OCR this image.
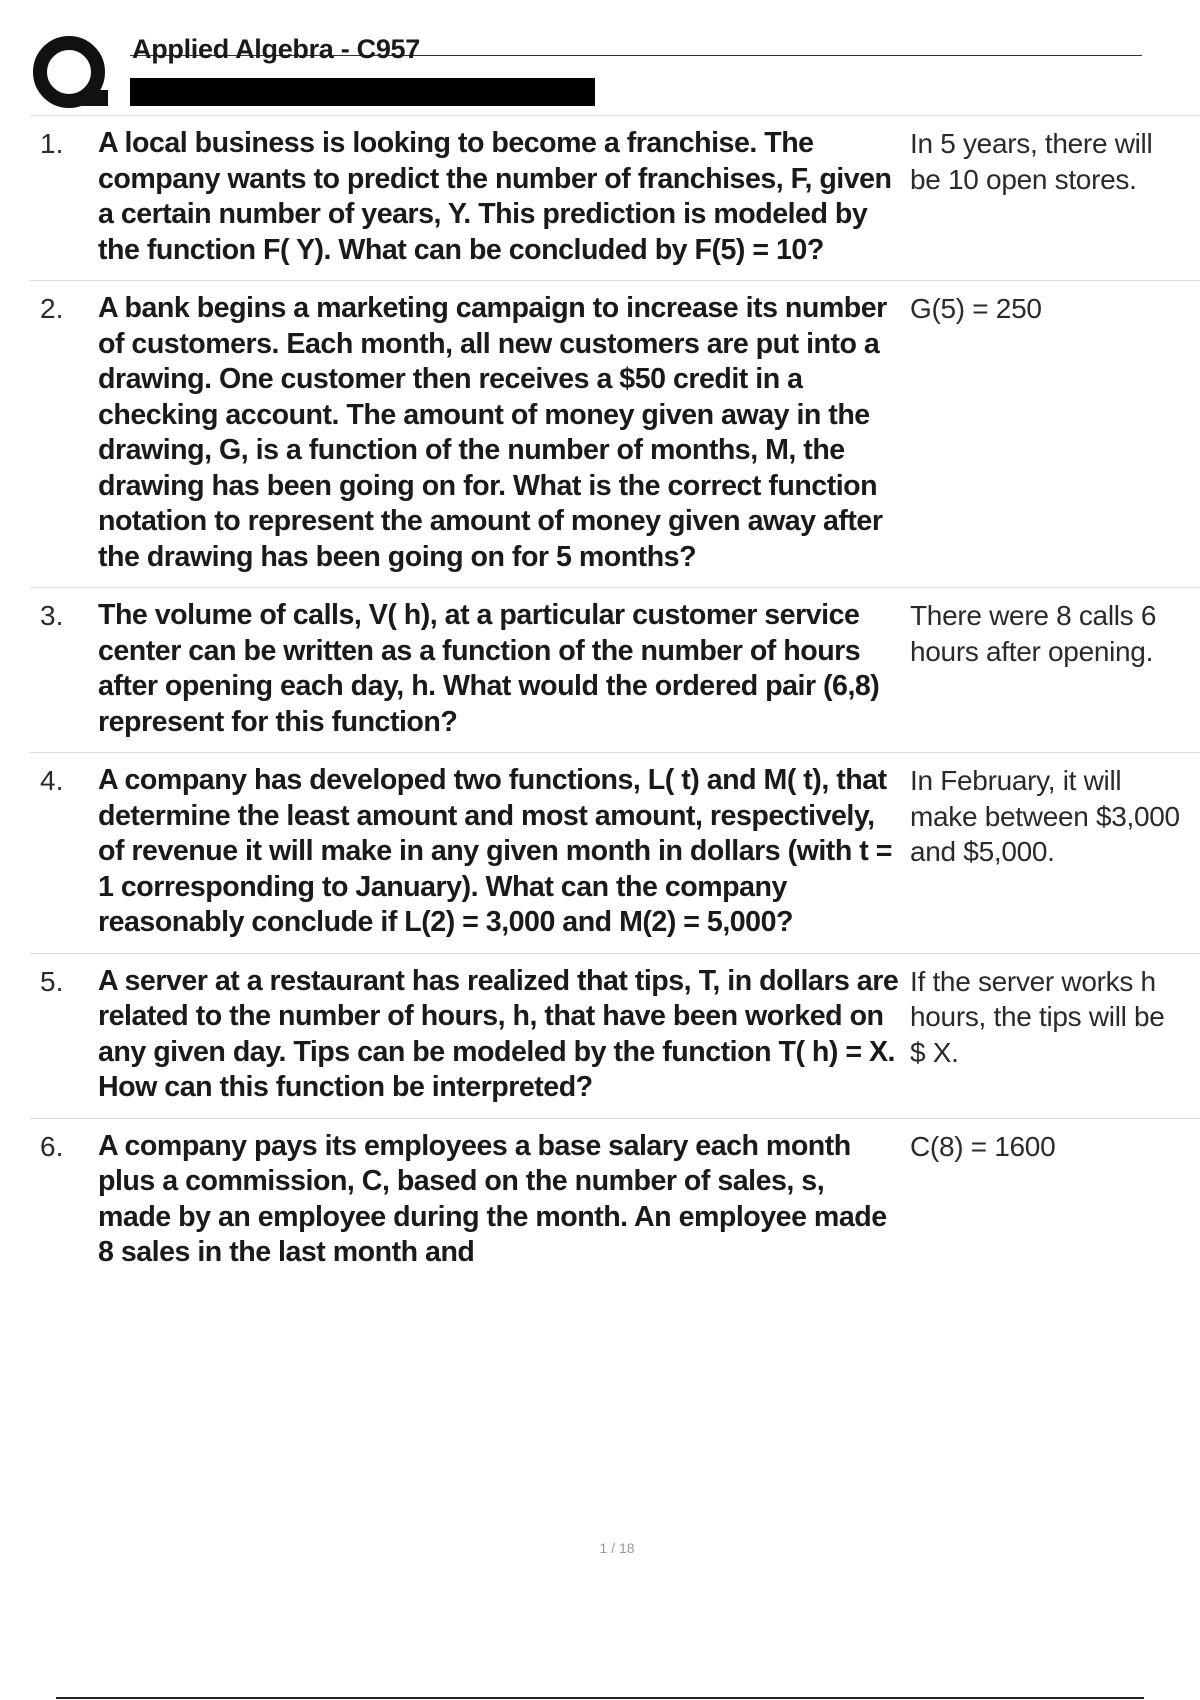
Applied Algebra - C957
1.	A local business is looking to become a franchise. The company wants to predict the number of franchises, F, given a certain number of years, Y. This prediction is modeled by the function F( Y). What can be concluded by F(5) = 10?
In 5 years, there will be 10 open stores.
2.	A bank begins a marketing campaign to increase its number of customers. Each month, all new customers are put into a drawing. One customer then receives a $50 credit in a checking account. The amount of money given away in the drawing, G, is a function of the number of months, M, the drawing has been going on for. What is the correct function notation to represent the amount of money given away after the drawing has been going on for 5 months?
G(5) = 250
3.	The volume of calls, V( h), at a particular customer service center can be written as a function of the number of hours after opening each day, h. What would the ordered pair (6,8) represent for this function?
There were 8 calls 6 hours after opening.
4.	A company has developed two functions, L( t) and M( t), that determine the least amount and most amount, respectively, of revenue it will make in any given month in dollars (with t = 1 corresponding to January). What can the company reasonably conclude if L(2) = 3,000 and M(2) = 5,000?
In February, it will make between $3,000 and $5,000.
5.	A server at a restaurant has realized that tips, T, in dollars are related to the number of hours, h, that have been worked on any given day. Tips can be modeled by the function T( h) = X. How can this function be interpreted?
If the server works h hours, the tips will be $ X.
6.	A company pays its employees a base salary each month plus a commission, C, based on the number of sales, s, made by an employee during the month. An employee made 8 sales in the last month and
C(8) = 1600
1 / 18
